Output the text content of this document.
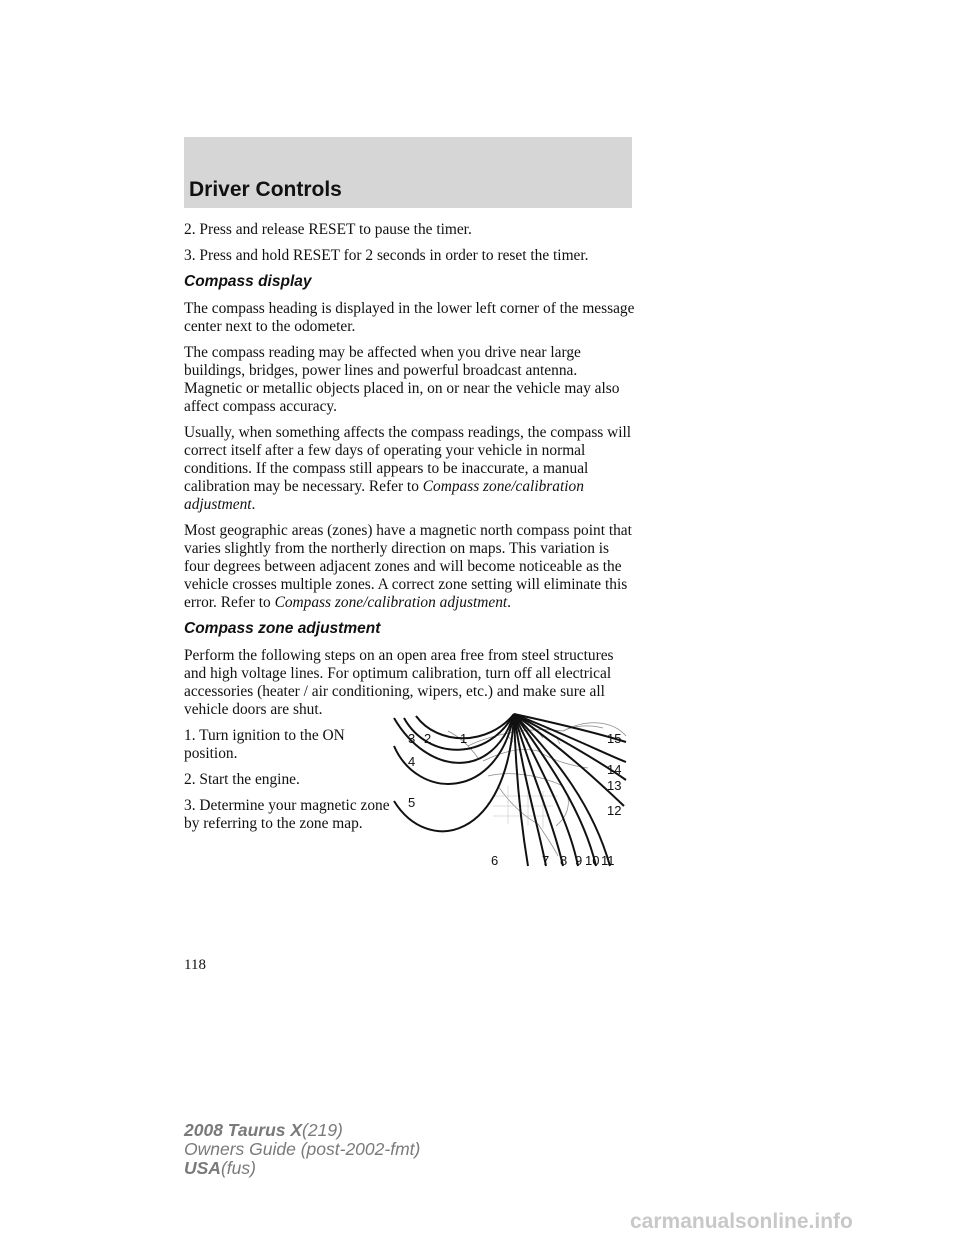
Driver Controls

2. Press and release RESET to pause the timer.

3. Press and hold RESET for 2 seconds in order to reset the timer.

Compass display

The compass heading is displayed in the lower left corner of the message center next to the odometer.

The compass reading may be affected when you drive near large buildings, bridges, power lines and powerful broadcast antenna. Magnetic or metallic objects placed in, on or near the vehicle may also affect compass accuracy.

Usually, when something affects the compass readings, the compass will correct itself after a few days of operating your vehicle in normal conditions. If the compass still appears to be inaccurate, a manual calibration may be necessary. Refer to Compass zone/calibration adjustment.

Most geographic areas (zones) have a magnetic north compass point that varies slightly from the northerly direction on maps. This variation is four degrees between adjacent zones and will become noticeable as the vehicle crosses multiple zones. A correct zone setting will eliminate this error. Refer to Compass zone/calibration adjustment.

Compass zone adjustment

Perform the following steps on an open area free from steel structures and high voltage lines. For optimum calibration, turn off all electrical accessories (heater / air conditioning, wipers, etc.) and make sure all vehicle doors are shut.

1. Turn ignition to the ON position.

2. Start the engine.

3. Determine your magnetic zone by referring to the zone map.

3 2 1
4
5
6	7 8 9 10 11
12
13
14
15
118
2008 Taurus X(219)
Owners Guide (post-2002-fmt)
USA(fus)
carmanualsonline.info
